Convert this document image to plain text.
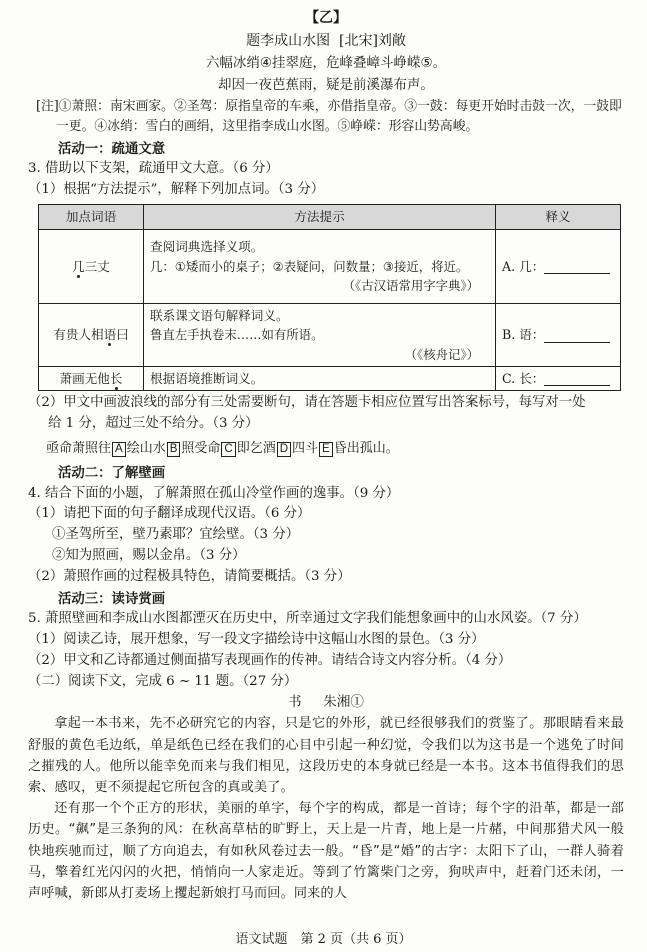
【乙】
题李成山水图 [北宋]刘敞
六幅冰绡④挂翠庭，危峰叠嶂斗峥嵘⑤。
却因一夜芭蕉雨，疑是前溪瀑布声。
[注]①萧照：南宋画家。②圣驾：原指皇帝的车乘，亦借指皇帝。③一鼓：每更开始时击鼓一次，一鼓即
一更。④冰绡：雪白的画绢，这里指李成山水图。⑤峥嵘：形容山势高峻。
活动一：疏通文意
3. 借助以下支架，疏通甲文大意。（6 分）
（1）根据“方法提示”，解释下列加点词。（3 分）
加点词语	方法提示	释义
几三丈	查阅词典选择义项。
几：①矮而小的桌子；②表疑问，问数量；③接近，将近。
（《古汉语常用字字典》）	A. 几：
有贵人相语曰	联系课文语句解释词义。
鲁直左手执卷末……如有所语。
（《核舟记》）	B. 语：
萧画无他长	根据语境推断词义。	C. 长：
（2）甲文中画波浪线的部分有三处需要断句，请在答题卡相应位置写出答案标号，每写对一处
给 1 分，超过三处不给分。（3 分）
亟命萧照往 A 绘山水 B 照受命 C 即乞酒 D 四斗 E 昏出孤山。
活动二：了解壁画
4. 结合下面的小题，了解萧照在孤山冷堂作画的逸事。（9 分）
（1）请把下面的句子翻译成现代汉语。（6 分）
①圣驾所至，壁乃素耶？宜绘壁。（3 分）
②知为照画，赐以金帛。（3 分）
（2）萧照作画的过程极具特色，请简要概括。（3 分）
活动三：读诗赏画
5. 萧照壁画和李成山水图都湮灭在历史中，所幸通过文字我们能想象画中的山水风姿。（7 分）
（1）阅读乙诗，展开想象，写一段文字描绘诗中这幅山水图的景色。（3 分）
（2）甲文和乙诗都通过侧面描写表现画作的传神。请结合诗文内容分析。（4 分）
（二）阅读下文，完成 6 ~ 11 题。（27 分）
书 朱湘①
拿起一本书来，先不必研究它的内容，只是它的外形，就已经很够我们的赏鉴了。那眼睛看来最舒服的黄色毛边纸，单是纸色已经在我们的心目中引起一种幻觉，令我们以为这书是一个逃免了时间之摧残的人。他所以能幸免而来与我们相见，这段历史的本身就已经是一本书。这本书值得我们的思索、感叹，更不须提起它所包含的真或美了。
还有那一个个正方的形状，美丽的单字，每个字的构成，都是一首诗；每个字的沿革，都是一部历史。“飙”是三条狗的风：在秋高草枯的旷野上，天上是一片青，地上是一片赭，中间那猎犬风一般快地疾驰而过，顺了方向追去，有如秋风卷过去一般。“昏”是“婚”的古字：太阳下了山，一群人骑着马，擎着红光闪闪的火把，悄悄向一人家走近。等到了竹篱柴门之旁，狗吠声中，赶着门还未闭，一声呼喊，新郎从打麦场上攫起新娘打马而回。同来的人
语文试题　第 2 页（共 6 页）
